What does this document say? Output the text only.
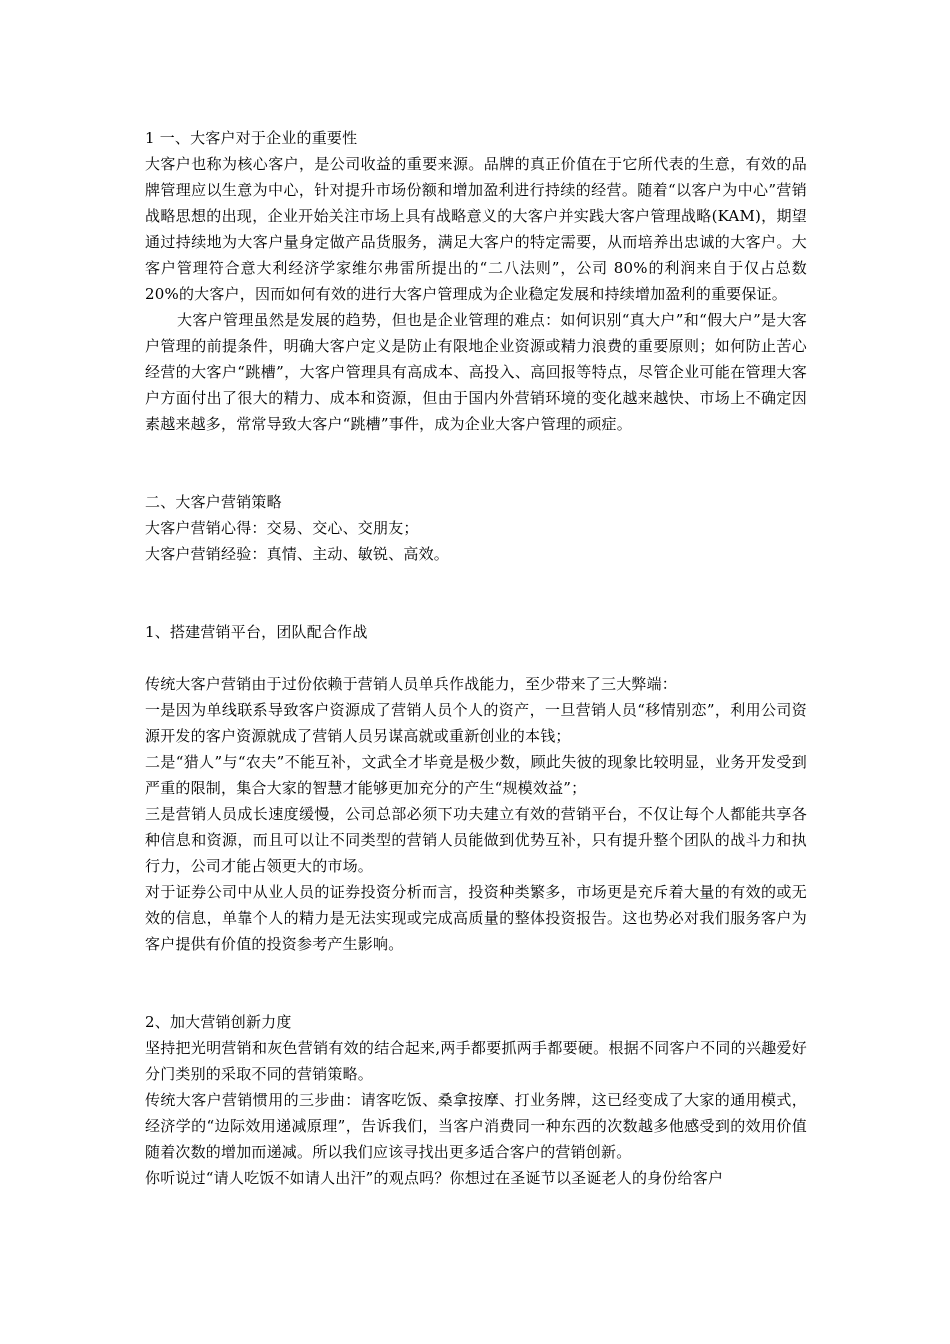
1 一、大客户对于企业的重要性

大客户也称为核心客户，是公司收益的重要来源。品牌的真正价值在于它所代表的生意，有效的品牌管理应以生意为中心，针对提升市场份额和增加盈利进行持续的经营。随着“以客户为中心”营销战略思想的出现，企业开始关注市场上具有战略意义的大客户并实践大客户管理战略(KAM)，期望通过持续地为大客户量身定做产品货服务，满足大客户的特定需要，从而培养出忠诚的大客户。大客户管理符合意大利经济学家维尔弗雷所提出的“二八法则”，公司 80%的利润来自于仅占总数 20%的大客户，因而如何有效的进行大客户管理成为企业稳定发展和持续增加盈利的重要保证。

大客户管理虽然是发展的趋势，但也是企业管理的难点：如何识别“真大户”和“假大户”是大客户管理的前提条件，明确大客户定义是防止有限地企业资源或精力浪费的重要原则；如何防止苦心经营的大客户“跳槽”，大客户管理具有高成本、高投入、高回报等特点，尽管企业可能在管理大客户方面付出了很大的精力、成本和资源，但由于国内外营销环境的变化越来越快、市场上不确定因素越来越多，常常导致大客户“跳槽”事件，成为企业大客户管理的顽症。

二、大客户营销策略

大客户营销心得：交易、交心、交朋友；

大客户营销经验：真情、主动、敏锐、高效。

1、搭建营销平台，团队配合作战

传统大客户营销由于过份依赖于营销人员单兵作战能力，至少带来了三大弊端：

一是因为单线联系导致客户资源成了营销人员个人的资产，一旦营销人员“移情别恋”，利用公司资源开发的客户资源就成了营销人员另谋高就或重新创业的本钱；

二是“猎人”与“农夫”不能互补，文武全才毕竟是极少数，顾此失彼的现象比较明显，业务开发受到严重的限制，集合大家的智慧才能够更加充分的产生“规模效益”；

三是营销人员成长速度缓慢，公司总部必须下功夫建立有效的营销平台，不仅让每个人都能共享各种信息和资源，而且可以让不同类型的营销人员能做到优势互补，只有提升整个团队的战斗力和执行力，公司才能占领更大的市场。

对于证券公司中从业人员的证券投资分析而言，投资种类繁多，市场更是充斥着大量的有效的或无效的信息，单靠个人的精力是无法实现或完成高质量的整体投资报告。这也势必对我们服务客户为客户提供有价值的投资参考产生影响。

2、加大营销创新力度

坚持把光明营销和灰色营销有效的结合起来,两手都要抓两手都要硬。根据不同客户不同的兴趣爱好分门类别的采取不同的营销策略。

传统大客户营销惯用的三步曲：请客吃饭、桑拿按摩、打业务牌，这已经变成了大家的通用模式，经济学的“边际效用递减原理”，告诉我们，当客户消费同一种东西的次数越多他感受到的效用价值随着次数的增加而递减。所以我们应该寻找出更多适合客户的营销创新。

你听说过“请人吃饭不如请人出汗”的观点吗？你想过在圣诞节以圣诞老人的身份给客户
